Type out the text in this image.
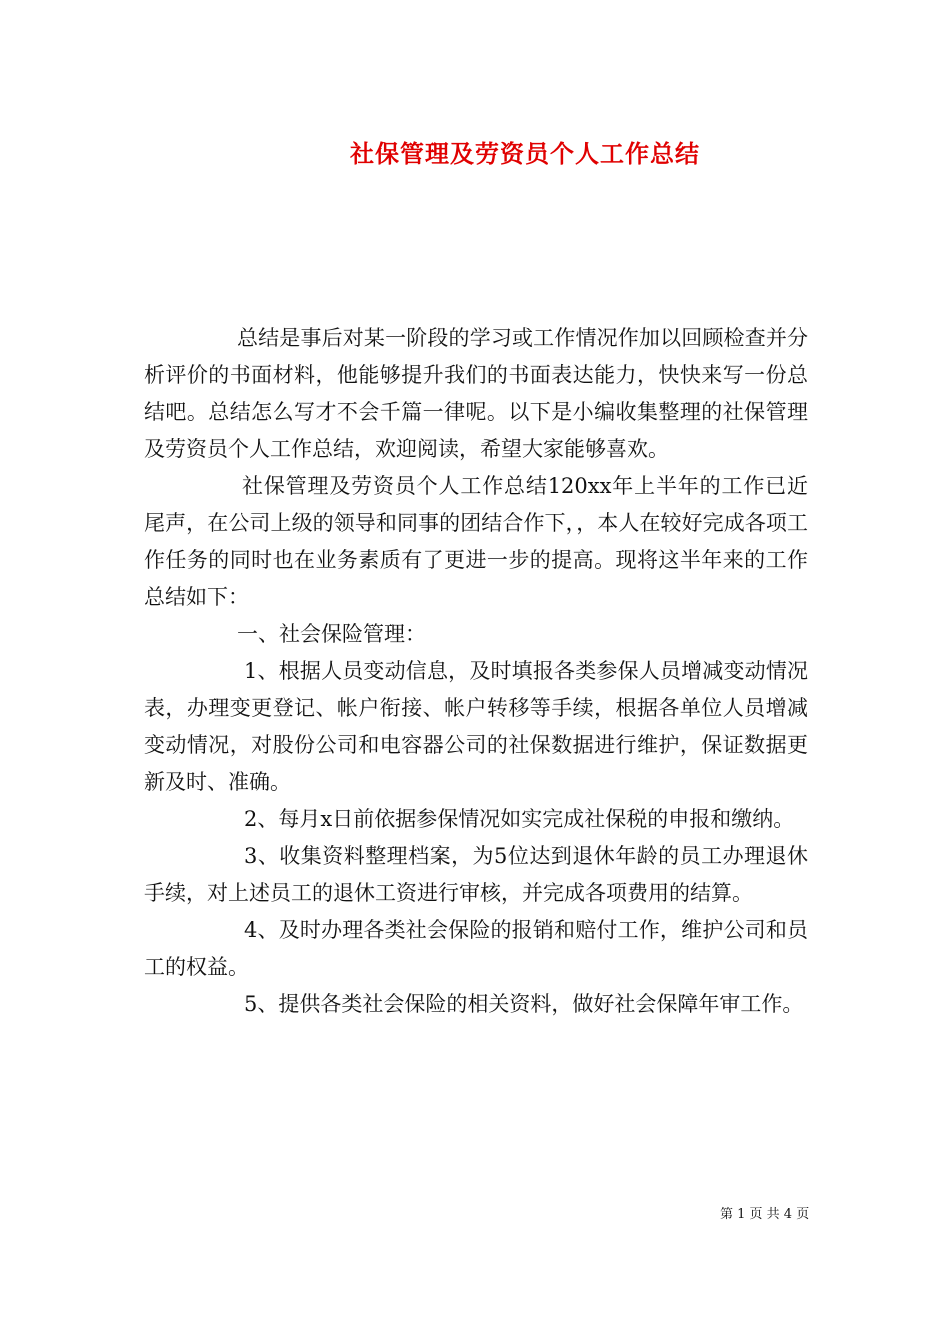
社保管理及劳资员个人工作总结

总结是事后对某一阶段的学习或工作情况作加以回顾检查并分析评价的书面材料，他能够提升我们的书面表达能力，快快来写一份总结吧。总结怎么写才不会千篇一律呢。以下是小编收集整理的社保管理及劳资员个人工作总结，欢迎阅读，希望大家能够喜欢。

社保管理及劳资员个人工作总结120xx年上半年的工作已近尾声，在公司上级的领导和同事的团结合作下，，本人在较好完成各项工作任务的同时也在业务素质有了更进一步的提高。现将这半年来的工作总结如下：

一、社会保险管理：

1、根据人员变动信息，及时填报各类参保人员增减变动情况表，办理变更登记、帐户衔接、帐户转移等手续，根据各单位人员增减变动情况，对股份公司和电容器公司的社保数据进行维护，保证数据更新及时、准确。

2、每月x日前依据参保情况如实完成社保税的申报和缴纳。

3、收集资料整理档案，为5位达到退休年龄的员工办理退休手续，对上述员工的退休工资进行审核，并完成各项费用的结算。

4、及时办理各类社会保险的报销和赔付工作，维护公司和员工的权益。

5、提供各类社会保险的相关资料，做好社会保障年审工作。

第 1 页 共 4 页
